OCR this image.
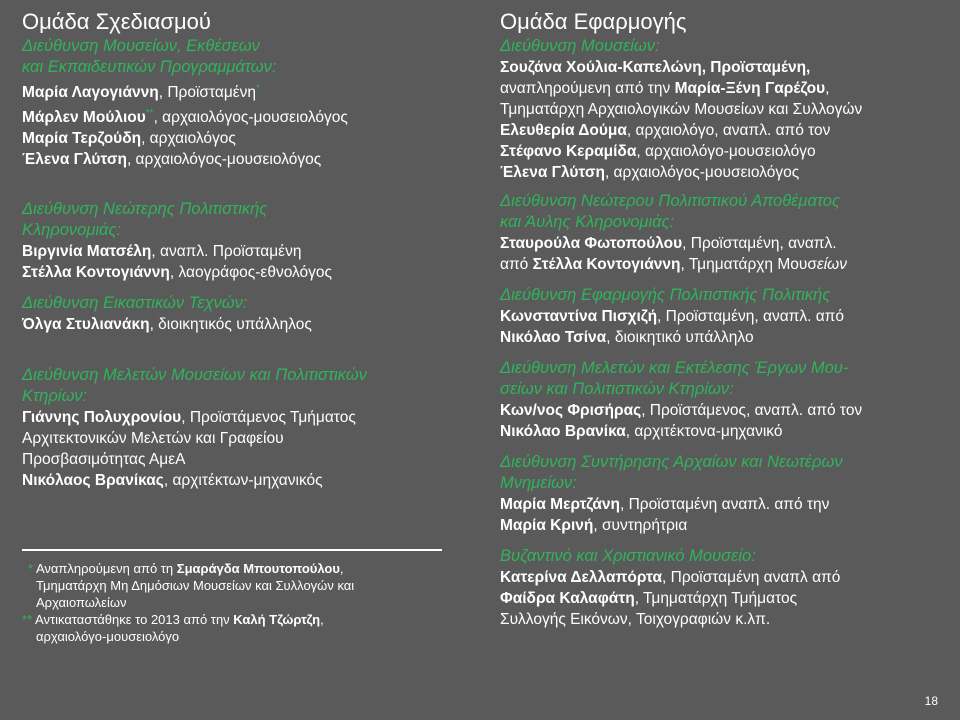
Ομάδα Σχεδιασμού
Διεύθυνση Μουσείων, Εκθέσεων
και Εκπαιδευτικών Προγραμμάτων:
Μαρία Λαγογιάννη, Προϊσταμένη*
Μάρλεν Μούλιου**, αρχαιολόγος-μουσειολόγος
Μαρία Τερζούδη, αρχαιολόγος
Έλενα Γλύτση, αρχαιολόγος-μουσειολόγος
Διεύθυνση Νεώτερης Πολιτιστικής
Κληρονομιάς:
Βιργινία Ματσέλη, αναπλ. Προϊσταμένη
Στέλλα Κοντογιάννη, λαογράφος-εθνολόγος
Διεύθυνση Εικαστικών Τεχνών:
Όλγα Στυλιανάκη, διοικητικός υπάλληλος
Διεύθυνση Μελετών Μουσείων και Πολιτιστικών
Κτηρίων:
Γιάννης Πολυχρονίου, Προϊστάμενος Τμήματος
Αρχιτεκτονικών Μελετών και Γραφείου
Προσβασιμότητας ΑμεΑ
Νικόλαος Βρανίκας, αρχιτέκτων-μηχανικός
* Αναπληρούμενη από τη Σμαράγδα Μπουτοπούλου,
Τμηματάρχη Μη Δημόσιων Μουσείων και Συλλογών και
Αρχαιοπωλείων
** Αντικαταστάθηκε το 2013 από την Καλή Τζώρτζη,
αρχαιολόγο-μουσειολόγο
Ομάδα Εφαρμογής
Διεύθυνση Μουσείων:
Σουζάνα Χούλια-Καπελώνη, Προϊσταμένη,
αναπληρούμενη από την Μαρία-Ξένη Γαρέζου,
Τμηματάρχη Αρχαιολογικών Μουσείων και Συλλογών
Ελευθερία Δούμα, αρχαιολόγο, αναπλ. από τον
Στέφανο Κεραμίδα, αρχαιολόγο-μουσειολόγο
Έλενα Γλύτση, αρχαιολόγος-μουσειολόγος
Διεύθυνση Νεώτερου Πολιτιστικού Αποθέματος
και Άυλης Κληρονομιάς:
Σταυρούλα Φωτοπούλου, Προϊσταμένη, αναπλ.
από Στέλλα Κοντογιάννη, Τμηματάρχη Μουσείων
Διεύθυνση Εφαρμογής Πολιτιστικής Πολιτικής
Κωνσταντίνα Πισχιζή, Προϊσταμένη, αναπλ. από
Νικόλαο Τσίνα, διοικητικό υπάλληλο
Διεύθυνση Μελετών και Εκτέλεσης Έργων Μου-
σείων και Πολιτιστικών Κτηρίων:
Κων/νος Φρισήρας, Προϊστάμενος, αναπλ. από τον
Νικόλαο Βρανίκα, αρχιτέκτονα-μηχανικό
Διεύθυνση Συντήρησης Αρχαίων και Νεωτέρων
Μνημείων:
Μαρία Μερτζάνη, Προϊσταμένη αναπλ. από την
Μαρία Κρινή, συντηρήτρια
Βυζαντινό και Χριστιανικό Μουσείο:
Κατερίνα Δελλαπόρτα, Προϊσταμένη αναπλ από
Φαίδρα Καλαφάτη, Τμηματάρχη Τμήματος
Συλλογής Εικόνων, Τοιχογραφιών κ.λπ.
18
